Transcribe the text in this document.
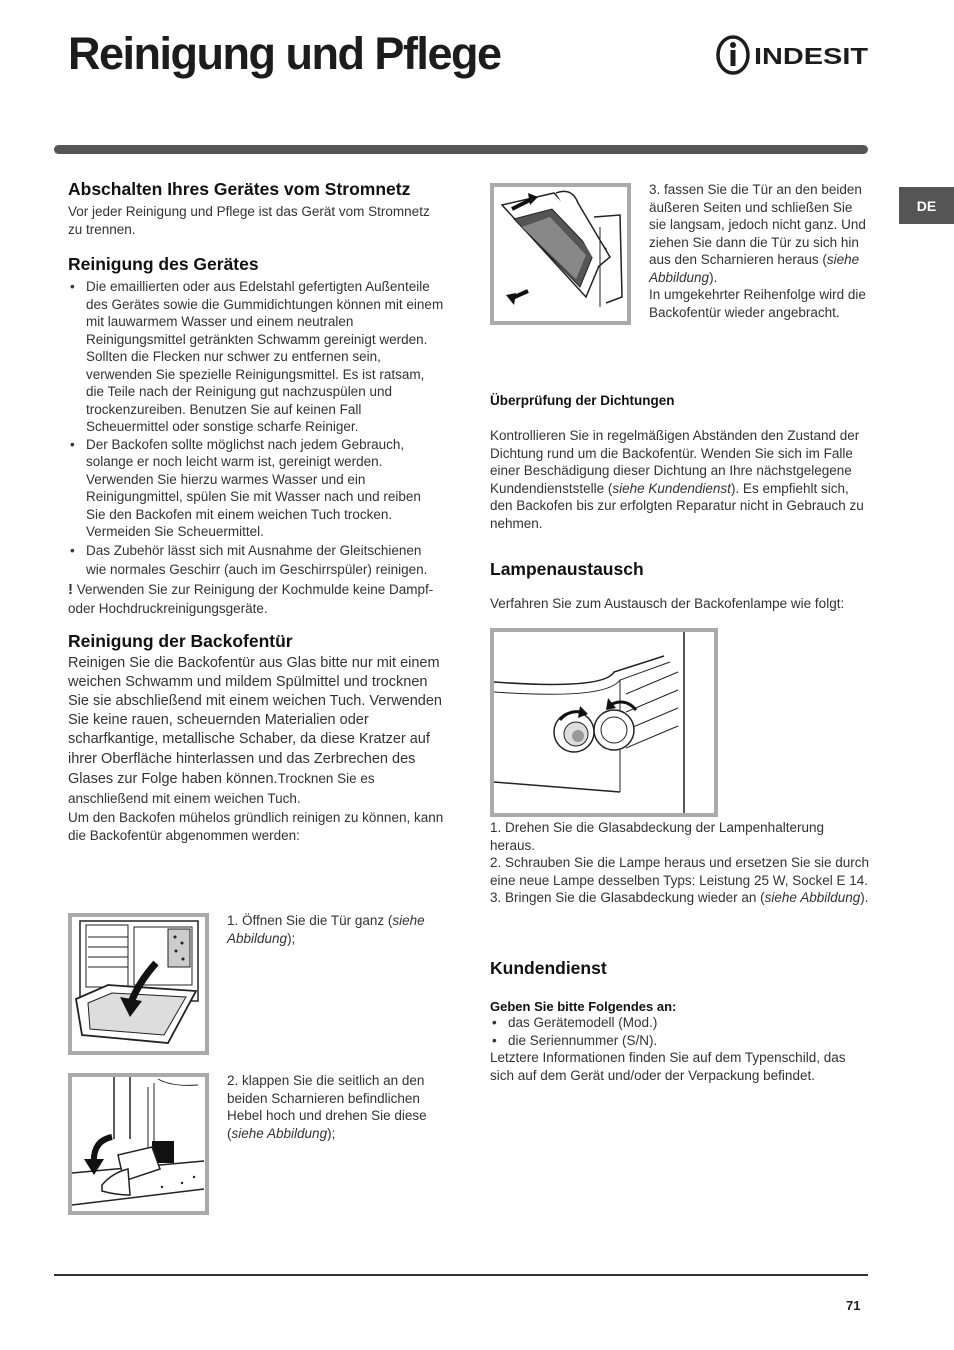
Reinigung und Pflege	INDESIT
DE
Abschalten Ihres Gerätes vom Stromnetz
Vor jeder Reinigung und Pflege ist das Gerät vom Stromnetz zu trennen.
Reinigung des Gerätes
• Die emaillierten oder aus Edelstahl gefertigten Außenteile des Gerätes sowie die Gummidichtungen können mit einem mit lauwarmem Wasser und einem neutralen Reinigungsmittel getränkten Schwamm gereinigt werden. Sollten die Flecken nur schwer zu entfernen sein, verwenden Sie spezielle Reinigungsmittel. Es ist ratsam, die Teile nach der Reinigung gut nachzuspülen und trockenzureiben. Benutzen Sie auf keinen Fall Scheuermittel oder sonstige scharfe Reiniger.
• Der Backofen sollte möglichst nach jedem Gebrauch, solange er noch leicht warm ist, gereinigt werden. Verwenden Sie hierzu warmes Wasser und ein Reinigungmittel, spülen Sie mit Wasser nach und reiben Sie den Backofen mit einem weichen Tuch trocken. Vermeiden Sie Scheuermittel.
• Das Zubehör lässt sich mit Ausnahme der Gleitschienen wie normales Geschirr (auch im Geschirrspüler) reinigen.
! Verwenden Sie zur Reinigung der Kochmulde keine Dampf- oder Hochdruckreinigungsgeräte.
Reinigung der Backofentür
Reinigen Sie die Backofentür aus Glas bitte nur mit einem weichen Schwamm und mildem Spülmittel und trocknen Sie sie abschließend mit einem weichen Tuch. Verwenden Sie keine rauen, scheuernden Materialien oder scharfkantige, metallische Schaber, da diese Kratzer auf ihrer Oberfläche hinterlassen und das Zerbrechen des Glases zur Folge haben können.Trocknen Sie es anschließend mit einem weichen Tuch.
Um den Backofen mühelos gründlich reinigen zu können, kann die Backofentür abgenommen werden:
1. Öffnen Sie die Tür ganz (siehe Abbildung);
2. klappen Sie die seitlich an den beiden Scharnieren befindlichen Hebel hoch und drehen Sie diese (siehe Abbildung);
3. fassen Sie die Tür an den beiden äußeren Seiten und schließen Sie sie langsam, jedoch nicht ganz. Und ziehen Sie dann die Tür zu sich hin aus den Scharnieren heraus (siehe Abbildung).
In umgekehrter Reihenfolge wird die Backofentür wieder angebracht.
Überprüfung der Dichtungen
Kontrollieren Sie in regelmäßigen Abständen den Zustand der Dichtung rund um die Backofentür. Wenden Sie sich im Falle einer Beschädigung dieser Dichtung an Ihre nächstgelegene Kundendienststelle (siehe Kundendienst). Es empfiehlt sich, den Backofen bis zur erfolgten Reparatur nicht in Gebrauch zu nehmen.
Lampenaustausch
Verfahren Sie zum Austausch der Backofenlampe wie folgt:
1. Drehen Sie die Glasabdeckung der Lampenhalterung heraus.
2. Schrauben Sie die Lampe heraus und ersetzen Sie sie durch eine neue Lampe desselben Typs: Leistung 25 W, Sockel E 14.
3. Bringen Sie die Glasabdeckung wieder an (siehe Abbildung).
Kundendienst
Geben Sie bitte Folgendes an:
• das Gerätemodell (Mod.)
• die Seriennummer (S/N).
Letztere Informationen finden Sie auf dem Typenschild, das sich auf dem Gerät und/oder der Verpackung befindet.
71
